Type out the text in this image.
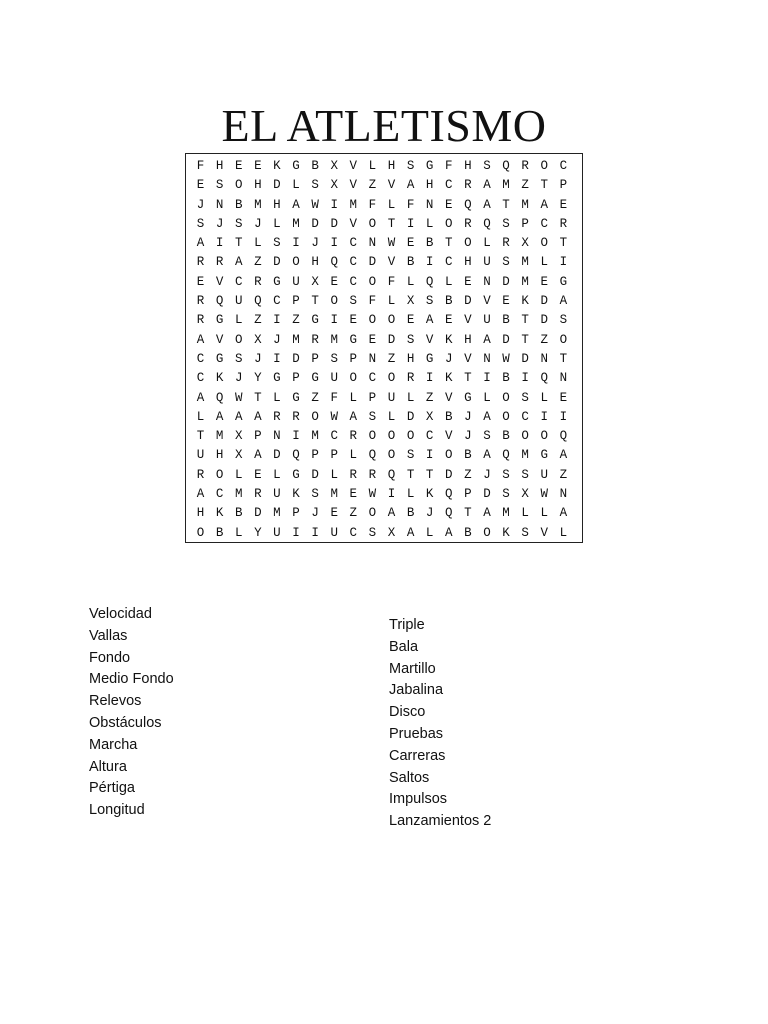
EL ATLETISMO
F H E E K G B X V L H S G F H S Q R O C
E S O H D L S X V Z V A H C R A M Z T P
J N B M H A W I M F L F N E Q A T M A E
S J S J L M D D V O T I L O R Q S P C R
A I T L S I J I C N W E B T O L R X O T
R R A Z D O H Q C D V B I C H U S M L I
E V C R G U X E C O F L Q L E N D M E G
R Q U Q C P T O S F L X S B D V E K D A
R G L Z I Z G I E O O E A E V U B T D S
A V O X J M R M G E D S V K H A D T Z O
C G S J I D P S P N Z H G J V N W D N T
C K J Y G P G U O C O R I K T I B I Q N
A Q W T L G Z F L P U L Z V G L O S L E
L A A A R R O W A S L D X B J A O C I I
T M X P N I M C R O O O C V J S B O O Q
U H X A D Q P P L Q O S I O B A Q M G A
R O L E L G D L R R Q T T D Z J S S U Z
A C M R U K S M E W I L K Q P D S X W N
H K B D M P J E Z O A B J Q T A M L L A
O B L Y U I I U C S X A L A B O K S V L
Velocidad
Vallas
Fondo
Medio Fondo
Relevos
Obstáculos
Marcha
Altura
Pértiga
Longitud
Triple
Bala
Martillo
Jabalina
Disco
Pruebas
Carreras
Saltos
Impulsos
Lanzamientos 2
